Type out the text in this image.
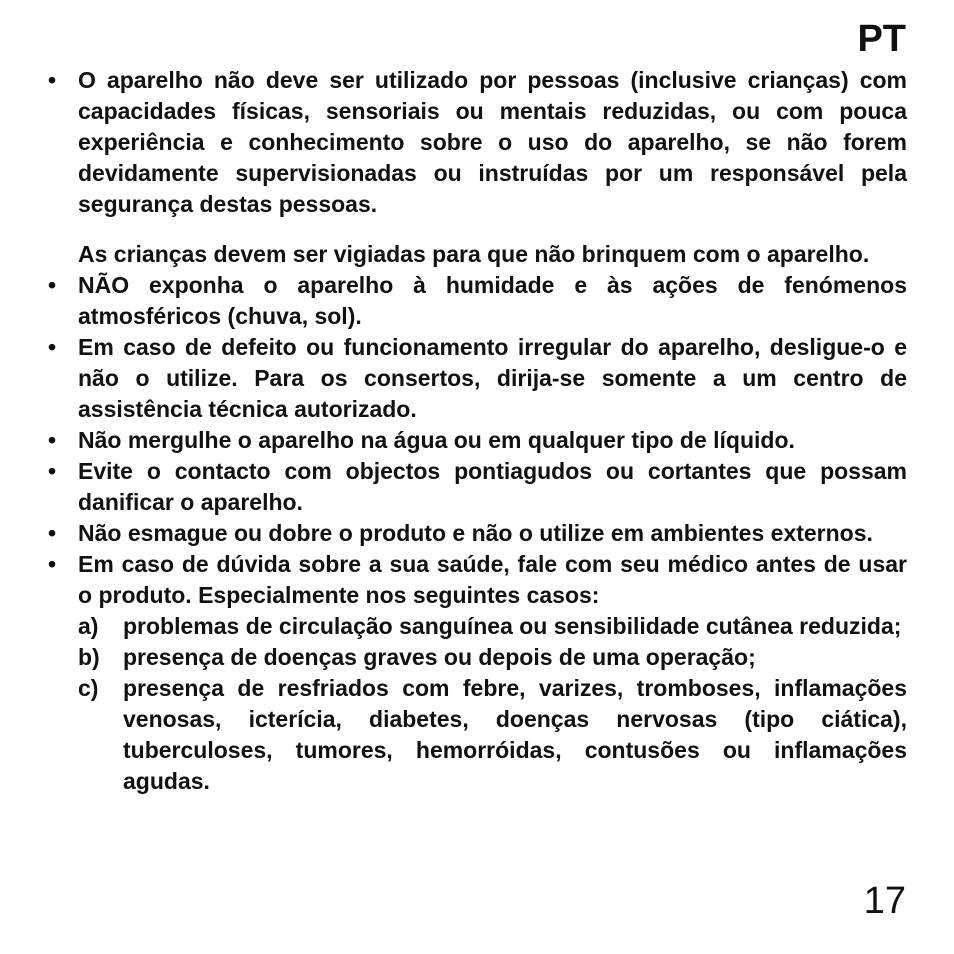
PT
• O aparelho não deve ser utilizado por pessoas (inclusive crianças) com capacidades físicas, sensoriais ou mentais reduzidas, ou com pouca experiência e conhecimento sobre o uso do aparelho, se não forem devidamente supervisionadas ou instruídas por um responsável pela segurança destas pessoas.
As crianças devem ser vigiadas para que não brinquem com o aparelho.
• NÃO exponha o aparelho à humidade e às ações de fenómenos atmosféricos (chuva, sol).
• Em caso de defeito ou funcionamento irregular do aparelho, desligue-o e não o utilize. Para os consertos, dirija-se somente a um centro de assistência técnica autorizado.
• Não mergulhe o aparelho na água ou em qualquer tipo de líquido.
• Evite o contacto com objectos pontiagudos ou cortantes que possam danificar o aparelho.
• Não esmague ou dobre o produto e não o utilize em ambientes externos.
• Em caso de dúvida sobre a sua saúde, fale com seu médico antes de usar o produto. Especialmente nos seguintes casos:
a) problemas de circulação sanguínea ou sensibilidade cutânea reduzida;
b) presença de doenças graves ou depois de uma operação;
c) presença de resfriados com febre, varizes, tromboses, inflamações venosas, icterícia, diabetes, doenças nervosas (tipo ciática), tuberculoses, tumores, hemorróidas, contusões ou inflamações agudas.
17
